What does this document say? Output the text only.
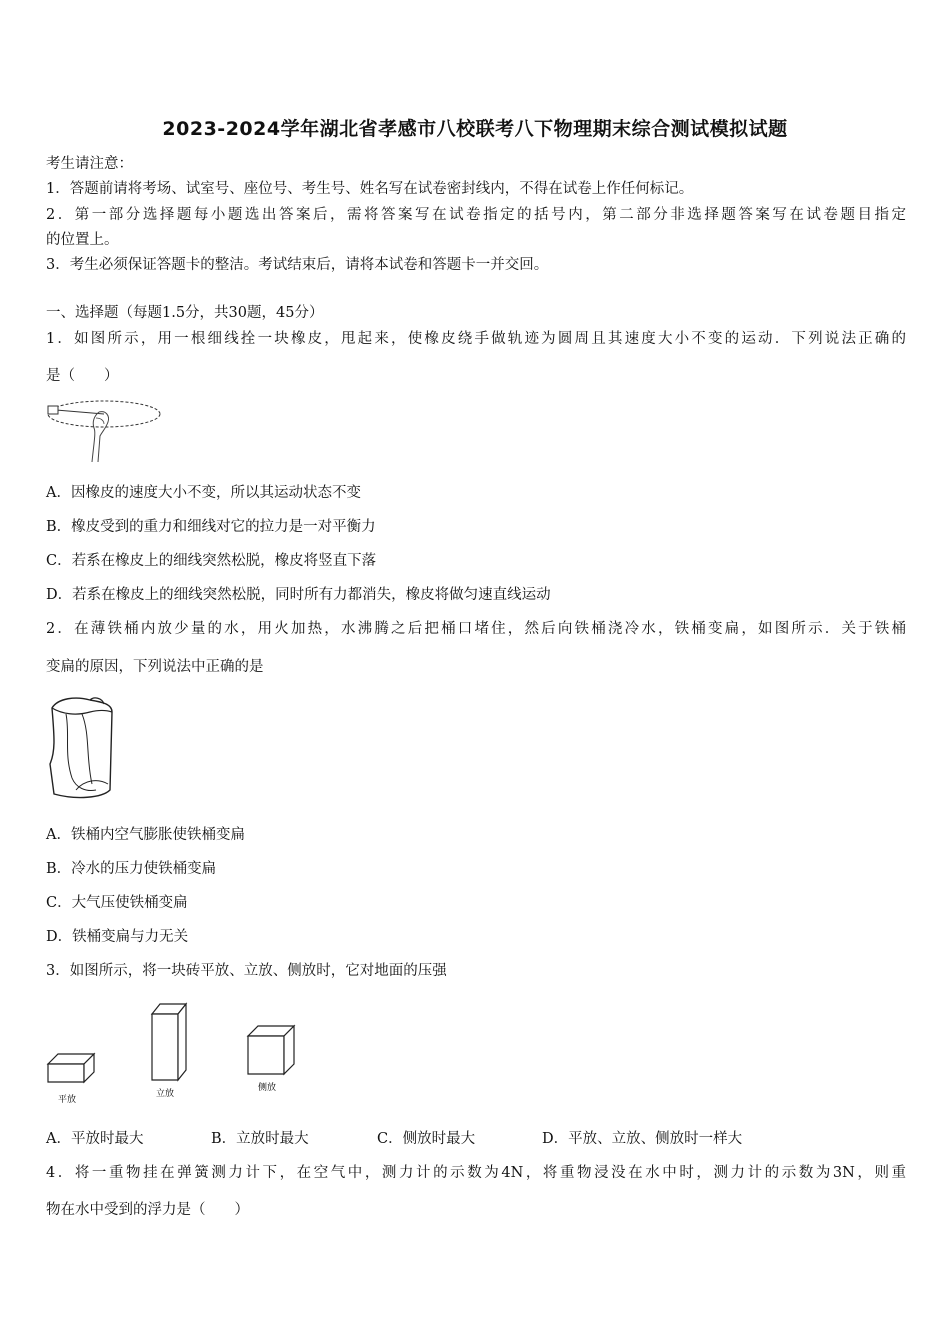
2023-2024学年湖北省孝感市八校联考八下物理期末综合测试模拟试题
考生请注意：
1．答题前请将考场、试室号、座位号、考生号、姓名写在试卷密封线内，不得在试卷上作任何标记。
2．第一部分选择题每小题选出答案后，需将答案写在试卷指定的括号内，第二部分非选择题答案写在试卷题目指定
的位置上。
3．考生必须保证答题卡的整洁。考试结束后，请将本试卷和答题卡一并交回。
一、选择题（每题1.5分，共30题，45分）
1．如图所示，用一根细线拴一块橡皮，甩起来，使橡皮绕手做轨迹为圆周且其速度大小不变的运动．下列说法正确的
是（　　）
A．因橡皮的速度大小不变，所以其运动状态不变
B．橡皮受到的重力和细线对它的拉力是一对平衡力
C．若系在橡皮上的细线突然松脱，橡皮将竖直下落
D．若系在橡皮上的细线突然松脱，同时所有力都消失，橡皮将做匀速直线运动
2．在薄铁桶内放少量的水，用火加热，水沸腾之后把桶口堵住，然后向铁桶浇冷水，铁桶变扁，如图所示．关于铁桶
变扁的原因，下列说法中正确的是
A．铁桶内空气膨胀使铁桶变扁
B．冷水的压力使铁桶变扁
C．大气压使铁桶变扁
D．铁桶变扁与力无关
3．如图所示，将一块砖平放、立放、侧放时，它对地面的压强
平放
立放
侧放
A．平放时最大	B．立放时最大	C．侧放时最大	D．平放、立放、侧放时一样大
4．将一重物挂在弹簧测力计下，在空气中，测力计的示数为4N，将重物浸没在水中时，测力计的示数为3N，则重
物在水中受到的浮力是（　　）
